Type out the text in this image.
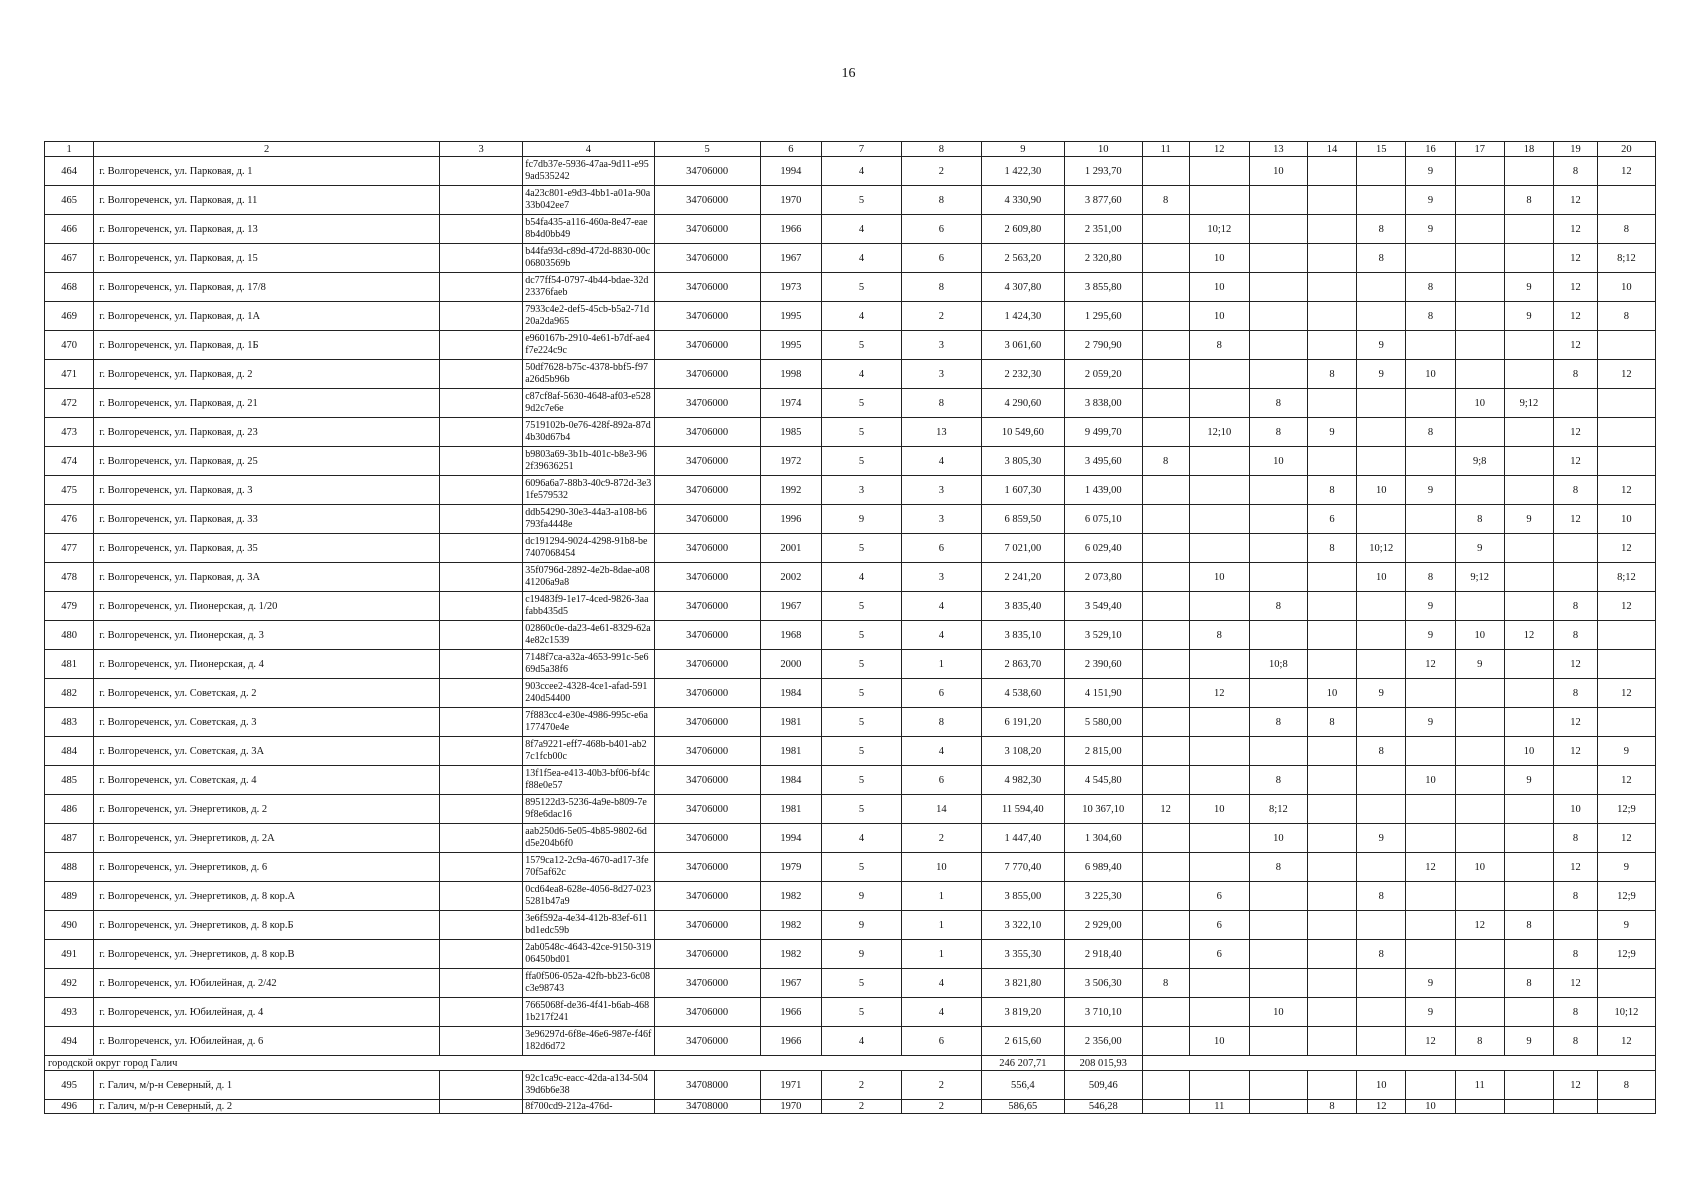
16
1	2	3	4	5	6	7	8	9	10	11	12	13	14	15	16	17	18	19	20
464	г. Волгореченск, ул. Парковая, д. 1		fc7db37e-5936-47aa-9d11-e959ad535242	34706000	1994	4	2	1 422,30	1 293,70			10			9			8	12
465	г. Волгореченск, ул. Парковая, д. 11		4a23c801-e9d3-4bb1-a01a-90a33b042ee7	34706000	1970	5	8	4 330,90	3 877,60	8					9		8	12	
466	г. Волгореченск, ул. Парковая, д. 13		b54fa435-a116-460a-8e47-eae8b4d0bb49	34706000	1966	4	6	2 609,80	2 351,00		10;12			8	9			12	8
467	г. Волгореченск, ул. Парковая, д. 15		b44fa93d-c89d-472d-8830-00c06803569b	34706000	1967	4	6	2 563,20	2 320,80		10			8				12	8;12
468	г. Волгореченск, ул. Парковая, д. 17/8		dc77ff54-0797-4b44-bdae-32d23376faeb	34706000	1973	5	8	4 307,80	3 855,80		10				8		9	12	10
469	г. Волгореченск, ул. Парковая, д. 1А		7933c4e2-def5-45cb-b5a2-71d20a2da965	34706000	1995	4	2	1 424,30	1 295,60		10				8		9	12	8
470	г. Волгореченск, ул. Парковая, д. 1Б		e960167b-2910-4e61-b7df-ae4f7e224c9c	34706000	1995	5	3	3 061,60	2 790,90		8			9				12	
471	г. Волгореченск, ул. Парковая, д. 2		50df7628-b75c-4378-bbf5-f97a26d5b96b	34706000	1998	4	3	2 232,30	2 059,20				8	9	10			8	12
472	г. Волгореченск, ул. Парковая, д. 21		c87cf8af-5630-4648-af03-e5289d2c7e6e	34706000	1974	5	8	4 290,60	3 838,00			8				10	9;12		
473	г. Волгореченск, ул. Парковая, д. 23		7519102b-0e76-428f-892a-87d4b30d67b4	34706000	1985	5	13	10 549,60	9 499,70		12;10	8	9		8			12	
474	г. Волгореченск, ул. Парковая, д. 25		b9803a69-3b1b-401c-b8e3-962f39636251	34706000	1972	5	4	3 805,30	3 495,60	8		10				9;8		12	
475	г. Волгореченск, ул. Парковая, д. 3		6096a6a7-88b3-40c9-872d-3e31fe579532	34706000	1992	3	3	1 607,30	1 439,00				8	10	9			8	12
476	г. Волгореченск, ул. Парковая, д. 33		ddb54290-30e3-44a3-a108-b6793fa4448e	34706000	1996	9	3	6 859,50	6 075,10				6			8	9	12	10
477	г. Волгореченск, ул. Парковая, д. 35		dc191294-9024-4298-91b8-be7407068454	34706000	2001	5	6	7 021,00	6 029,40				8	10;12		9			12
478	г. Волгореченск, ул. Парковая, д. 3А		35f0796d-2892-4e2b-8dae-a0841206a9a8	34706000	2002	4	3	2 241,20	2 073,80		10			10	8	9;12			8;12
479	г. Волгореченск, ул. Пионерская, д. 1/20		c19483f9-1e17-4ced-9826-3aafabb435d5	34706000	1967	5	4	3 835,40	3 549,40			8			9			8	12
480	г. Волгореченск, ул. Пионерская, д. 3		02860c0e-da23-4e61-8329-62a4e82c1539	34706000	1968	5	4	3 835,10	3 529,10		8				9	10	12	8	
481	г. Волгореченск, ул. Пионерская, д. 4		7148f7ca-a32a-4653-991c-5e669d5a38f6	34706000	2000	5	1	2 863,70	2 390,60			10;8			12	9		12	
482	г. Волгореченск, ул. Советская, д. 2		903ccee2-4328-4ce1-afad-591240d54400	34706000	1984	5	6	4 538,60	4 151,90		12		10	9				8	12
483	г. Волгореченск, ул. Советская, д. 3		7f883cc4-e30e-4986-995c-e6a177470e4e	34706000	1981	5	8	6 191,20	5 580,00			8	8		9			12	
484	г. Волгореченск, ул. Советская, д. 3А		8f7a9221-eff7-468b-b401-ab27c1fcb00c	34706000	1981	5	4	3 108,20	2 815,00					8			10	12	9
485	г. Волгореченск, ул. Советская, д. 4		13f1f5ea-e413-40b3-bf06-bf4cf88e0e57	34706000	1984	5	6	4 982,30	4 545,80			8			10		9		12
486	г. Волгореченск, ул. Энергетиков, д. 2		895122d3-5236-4a9e-b809-7e9f8e6dac16	34706000	1981	5	14	11 594,40	10 367,10	12	10	8;12						10	12;9
487	г. Волгореченск, ул. Энергетиков, д. 2А		aab250d6-5e05-4b85-9802-6dd5e204b6f0	34706000	1994	4	2	1 447,40	1 304,60			10		9				8	12
488	г. Волгореченск, ул. Энергетиков, д. 6		1579ca12-2c9a-4670-ad17-3fe70f5af62c	34706000	1979	5	10	7 770,40	6 989,40			8			12	10		12	9
489	г. Волгореченск, ул. Энергетиков, д. 8 кор.А		0cd64ea8-628e-4056-8d27-0235281b47a9	34706000	1982	9	1	3 855,00	3 225,30		6			8				8	12;9
490	г. Волгореченск, ул. Энергетиков, д. 8 кор.Б		3e6f592a-4e34-412b-83ef-611bd1edc59b	34706000	1982	9	1	3 322,10	2 929,00		6					12	8		9
491	г. Волгореченск, ул. Энергетиков, д. 8 кор.В		2ab0548c-4643-42ce-9150-31906450bd01	34706000	1982	9	1	3 355,30	2 918,40		6			8				8	12;9
492	г. Волгореченск, ул. Юбилейная, д. 2/42		ffa0f506-052a-42fb-bb23-6c08c3e98743	34706000	1967	5	4	3 821,80	3 506,30	8					9		8	12	
493	г. Волгореченск, ул. Юбилейная, д. 4		7665068f-de36-4f41-b6ab-4681b217f241	34706000	1966	5	4	3 819,20	3 710,10			10			9			8	10;12
494	г. Волгореченск, ул. Юбилейная, д. 6		3e96297d-6f8e-46e6-987e-f46f182d6d72	34706000	1966	4	6	2 615,60	2 356,00		10				12	8	9	8	12
городской округ город Галич								246 207,71	208 015,93										
495	г. Галич, м/р-н Северный, д. 1		92c1ca9c-eacc-42da-a134-50439d6b6e38	34708000	1971	2	2	556,4	509,46					10		11		12	8
496	г. Галич, м/р-н Северный, д. 2		8f700cd9-212a-476d-	34708000	1970	2	2	586,65	546,28		11		8	12	10				
